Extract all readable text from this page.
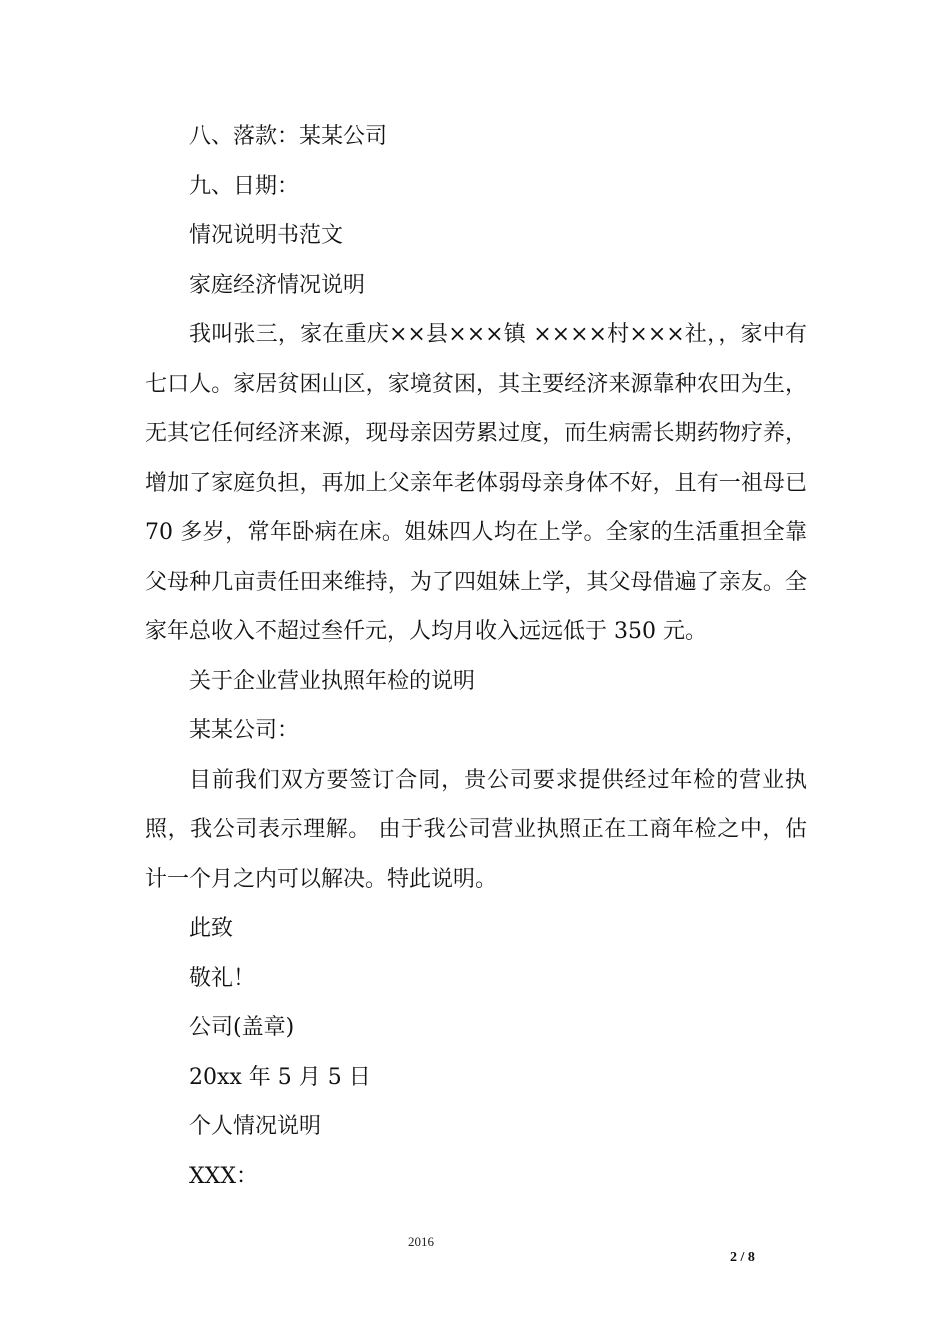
八、落款：某某公司

九、日期：

情况说明书范文

家庭经济情况说明

我叫张三，家在重庆××县×××镇 ××××村×××社，，家中有七口人。家居贫困山区，家境贫困，其主要经济来源靠种农田为生，无其它任何经济来源，现母亲因劳累过度，而生病需长期药物疗养，增加了家庭负担，再加上父亲年老体弱母亲身体不好，且有一祖母已 70 多岁，常年卧病在床。姐妹四人均在上学。全家的生活重担全靠父母种几亩责任田来维持，为了四姐妹上学，其父母借遍了亲友。全家年总收入不超过叁仟元，人均月收入远远低于 350 元。

关于企业营业执照年检的说明

某某公司：

目前我们双方要签订合同，贵公司要求提供经过年检的营业执照，我公司表示理解。 由于我公司营业执照正在工商年检之中，估计一个月之内可以解决。特此说明。

此致

敬礼！

公司(盖章)

20xx 年 5 月 5 日

个人情况说明

XXX：

2016
2 / 8
